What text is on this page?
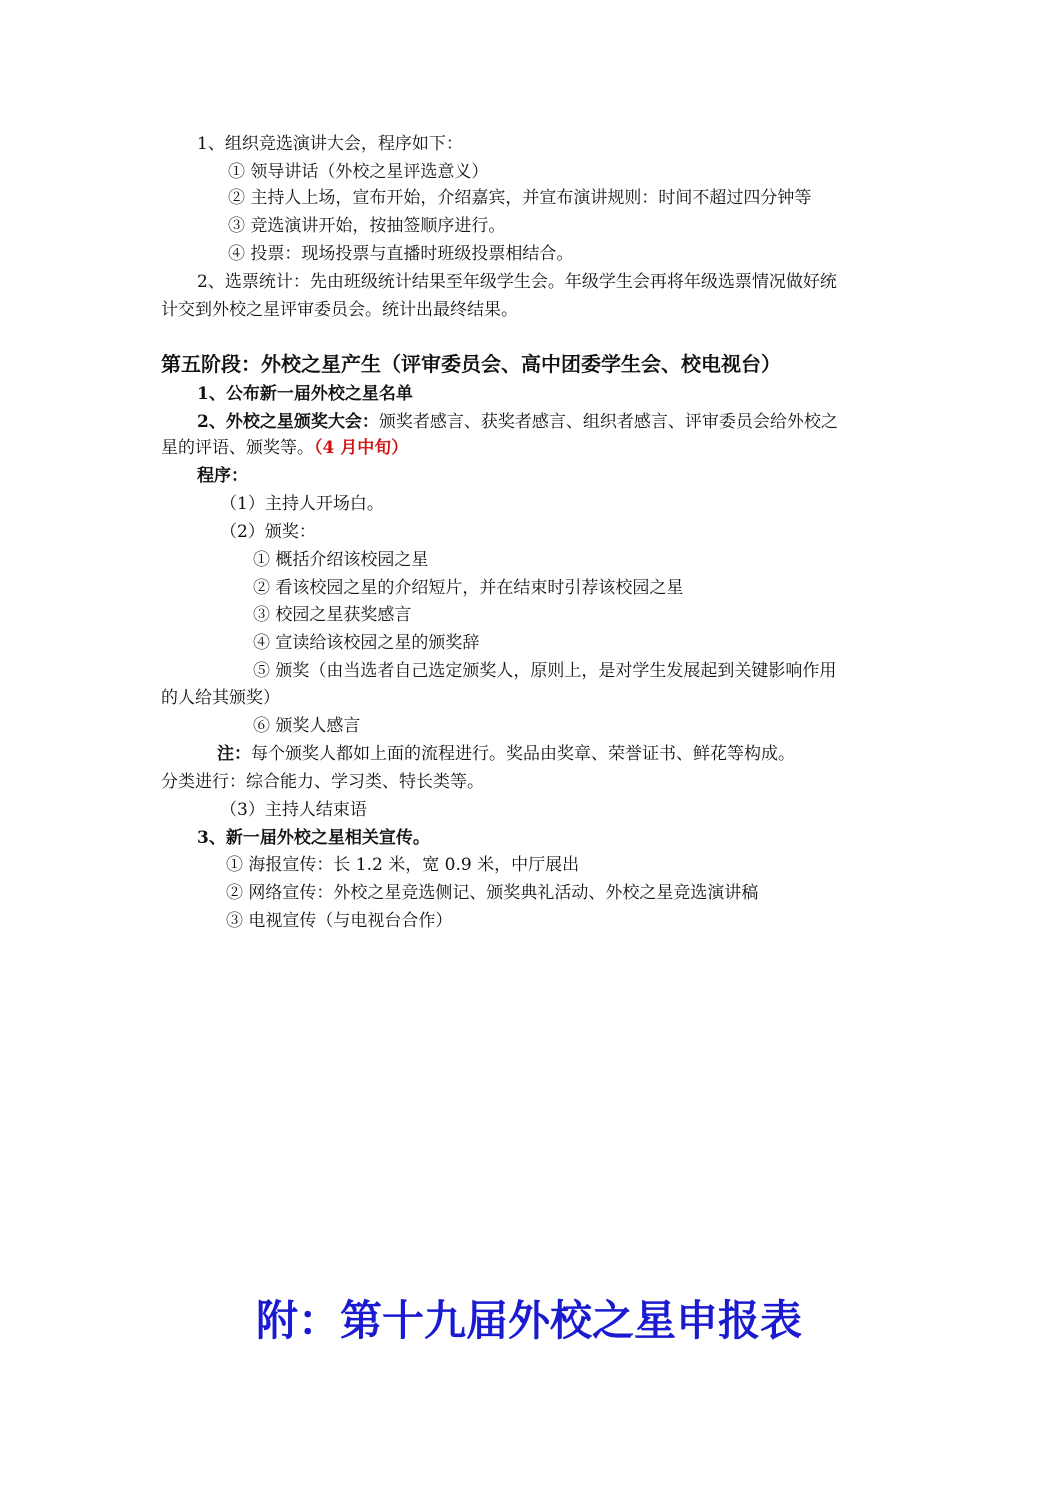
1、组织竞选演讲大会，程序如下：
① 领导讲话（外校之星评选意义）
② 主持人上场，宣布开始，介绍嘉宾，并宣布演讲规则：时间不超过四分钟等
③ 竞选演讲开始，按抽签顺序进行。
④ 投票：现场投票与直播时班级投票相结合。
2、选票统计：先由班级统计结果至年级学生会。年级学生会再将年级选票情况做好统
计交到外校之星评审委员会。统计出最终结果。
第五阶段：外校之星产生（评审委员会、高中团委学生会、校电视台）
1、公布新一届外校之星名单
2、外校之星颁奖大会：颁奖者感言、获奖者感言、组织者感言、评审委员会给外校之
星的评语、颁奖等。（4 月中旬）
程序：
（1）主持人开场白。
（2）颁奖：
① 概括介绍该校园之星
② 看该校园之星的介绍短片，并在结束时引荐该校园之星
③ 校园之星获奖感言
④ 宣读给该校园之星的颁奖辞
⑤ 颁奖（由当选者自己选定颁奖人，原则上，是对学生发展起到关键影响作用
的人给其颁奖）
⑥ 颁奖人感言
注：每个颁奖人都如上面的流程进行。奖品由奖章、荣誉证书、鲜花等构成。
分类进行：综合能力、学习类、特长类等。
（3）主持人结束语
3、新一届外校之星相关宣传。
① 海报宣传：长 1.2 米，宽 0.9 米，中厅展出
② 网络宣传：外校之星竞选侧记、颁奖典礼活动、外校之星竞选演讲稿
③ 电视宣传（与电视台合作）
附：第十九届外校之星申报表
